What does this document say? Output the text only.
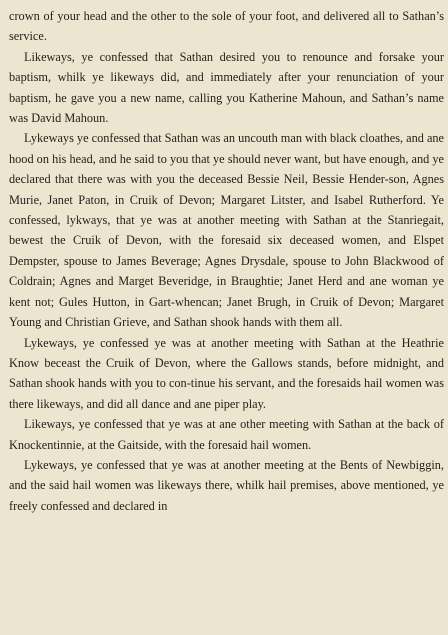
crown of your head and the other to the sole of your foot, and delivered all to Sathan’s service.

Likeways, ye confessed that Sathan desired you to renounce and forsake your baptism, whilk ye likeways did, and immediately after your renunciation of your baptism, he gave you a new name, calling you Katherine Mahoun, and Sathan’s name was David Mahoun.

Lykeways ye confessed that Sathan was an uncouth man with black cloathes, and ane hood on his head, and he said to you that ye should never want, but have enough, and ye declared that there was with you the deceased Bessie Neil, Bessie Hender-son, Agnes Murie, Janet Paton, in Cruik of Devon; Margaret Litster, and Isabel Rutherford. Ye confessed, lykways, that ye was at another meeting with Sathan at the Stanriegait, bewest the Cruik of Devon, with the foresaid six deceased women, and Elspet Dempster, spouse to James Beverage; Agnes Drysdale, spouse to John Blackwood of Coldrain; Agnes and Marget Beveridge, in Braughtie; Janet Herd and ane woman ye kent not; Gules Hutton, in Gart-whencan; Janet Brugh, in Cruik of Devon; Margaret Young and Christian Grieve, and Sathan shook hands with them all.

Lykeways, ye confessed ye was at another meeting with Sathan at the Heathrie Know beceast the Cruik of Devon, where the Gallows stands, before midnight, and Sathan shook hands with you to con-tinue his servant, and the foresaids hail women was there likeways, and did all dance and ane piper play.

Likeways, ye confessed that ye was at ane other meeting with Sathan at the back of Knockentinnie, at the Gaitside, with the foresaid hail women.

Lykeways, ye confessed that ye was at another meeting at the Bents of Newbiggin, and the said hail women was likeways there, whilk hail premises, above mentioned, ye freely confessed and declared in
